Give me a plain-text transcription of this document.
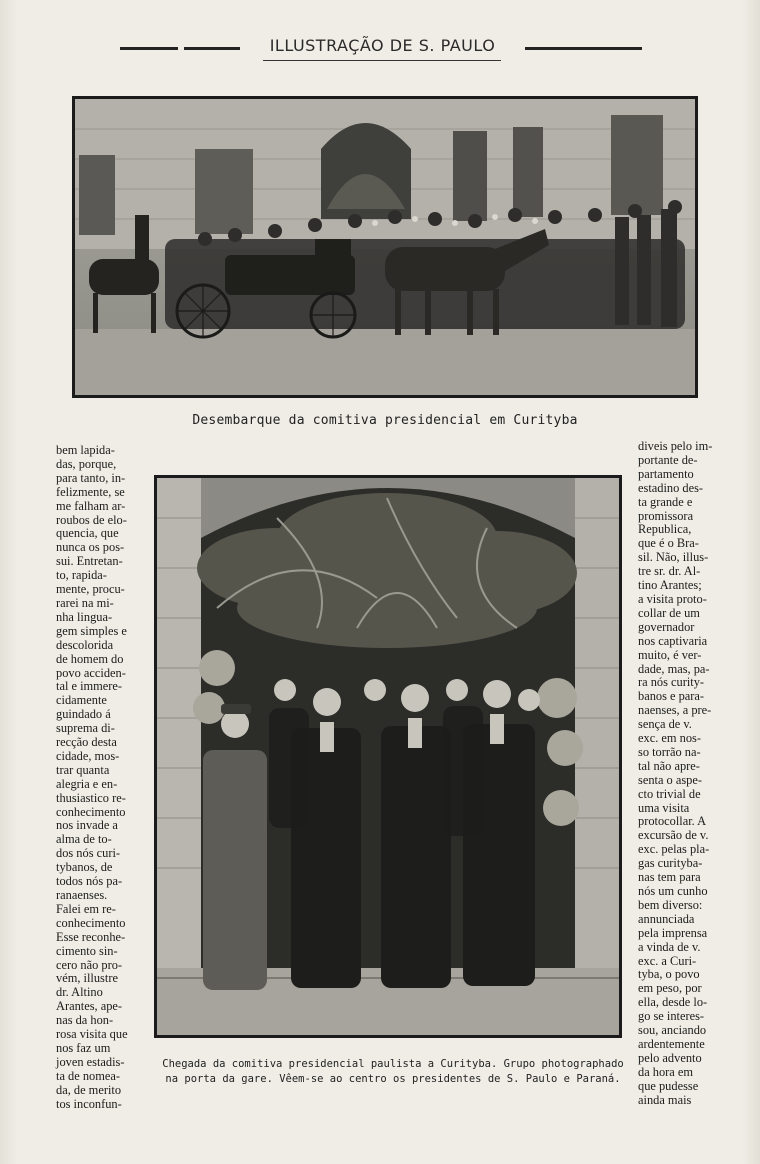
ILLUSTRAÇÃO DE S. PAULO
Desembarque da comitiva presidencial em Curityba
bem lapida-
das, porque,
para tanto, in-
felizmente, se
me falham ar-
roubos de elo-
quencia, que
nunca os pos-
sui. Entretan-
to, rapida-
mente, procu-
rarei na mi-
nha lingua-
gem simples e
descolorida
de homem do
povo acciden-
tal e immere-
cidamente
guindado á
suprema di-
recção desta
cidade, mos-
trar quanta
alegria e en-
thusiastico re-
conhecimento
nos invade a
alma de to-
dos nós curi-
tybanos, de
todos nós pa-
ranaenses.
Falei em re-
conhecimento
Esse reconhe-
cimento sin-
cero não pro-
vém, illustre
dr. Altino
Arantes, ape-
nas da hon-
rosa visita que
nos faz um
joven estadis-
ta de nomea-
da, de merito
tos inconfun-
Chegada da comitiva presidencial paulista a Curityba. Grupo photographado
na porta da gare. Vêem-se ao centro os presidentes de S. Paulo e Paraná.
diveis pelo im-
portante de-
partamento
estadino des-
ta grande e
promissora
Republica,
que é o Bra-
sil. Não, illus-
tre sr. dr. Al-
tino Arantes;
a visita proto-
collar de um
governador
nos captivaria
muito, é ver-
dade, mas, pa-
ra nós curity-
banos e para-
naenses, a pre-
sença de v.
exc. em nos-
so torrão na-
tal não apre-
senta o aspe-
cto trivial de
uma visita
protocollar. A
excursão de v.
exc. pelas pla-
gas curityba-
nas tem para
nós um cunho
bem diverso:
annunciada
pela imprensa
a vinda de v.
exc. a Curi-
tyba, o povo
em peso, por
ella, desde lo-
go se interes-
sou, anciando
ardentemente
pelo advento
da hora em
que pudesse
ainda mais
